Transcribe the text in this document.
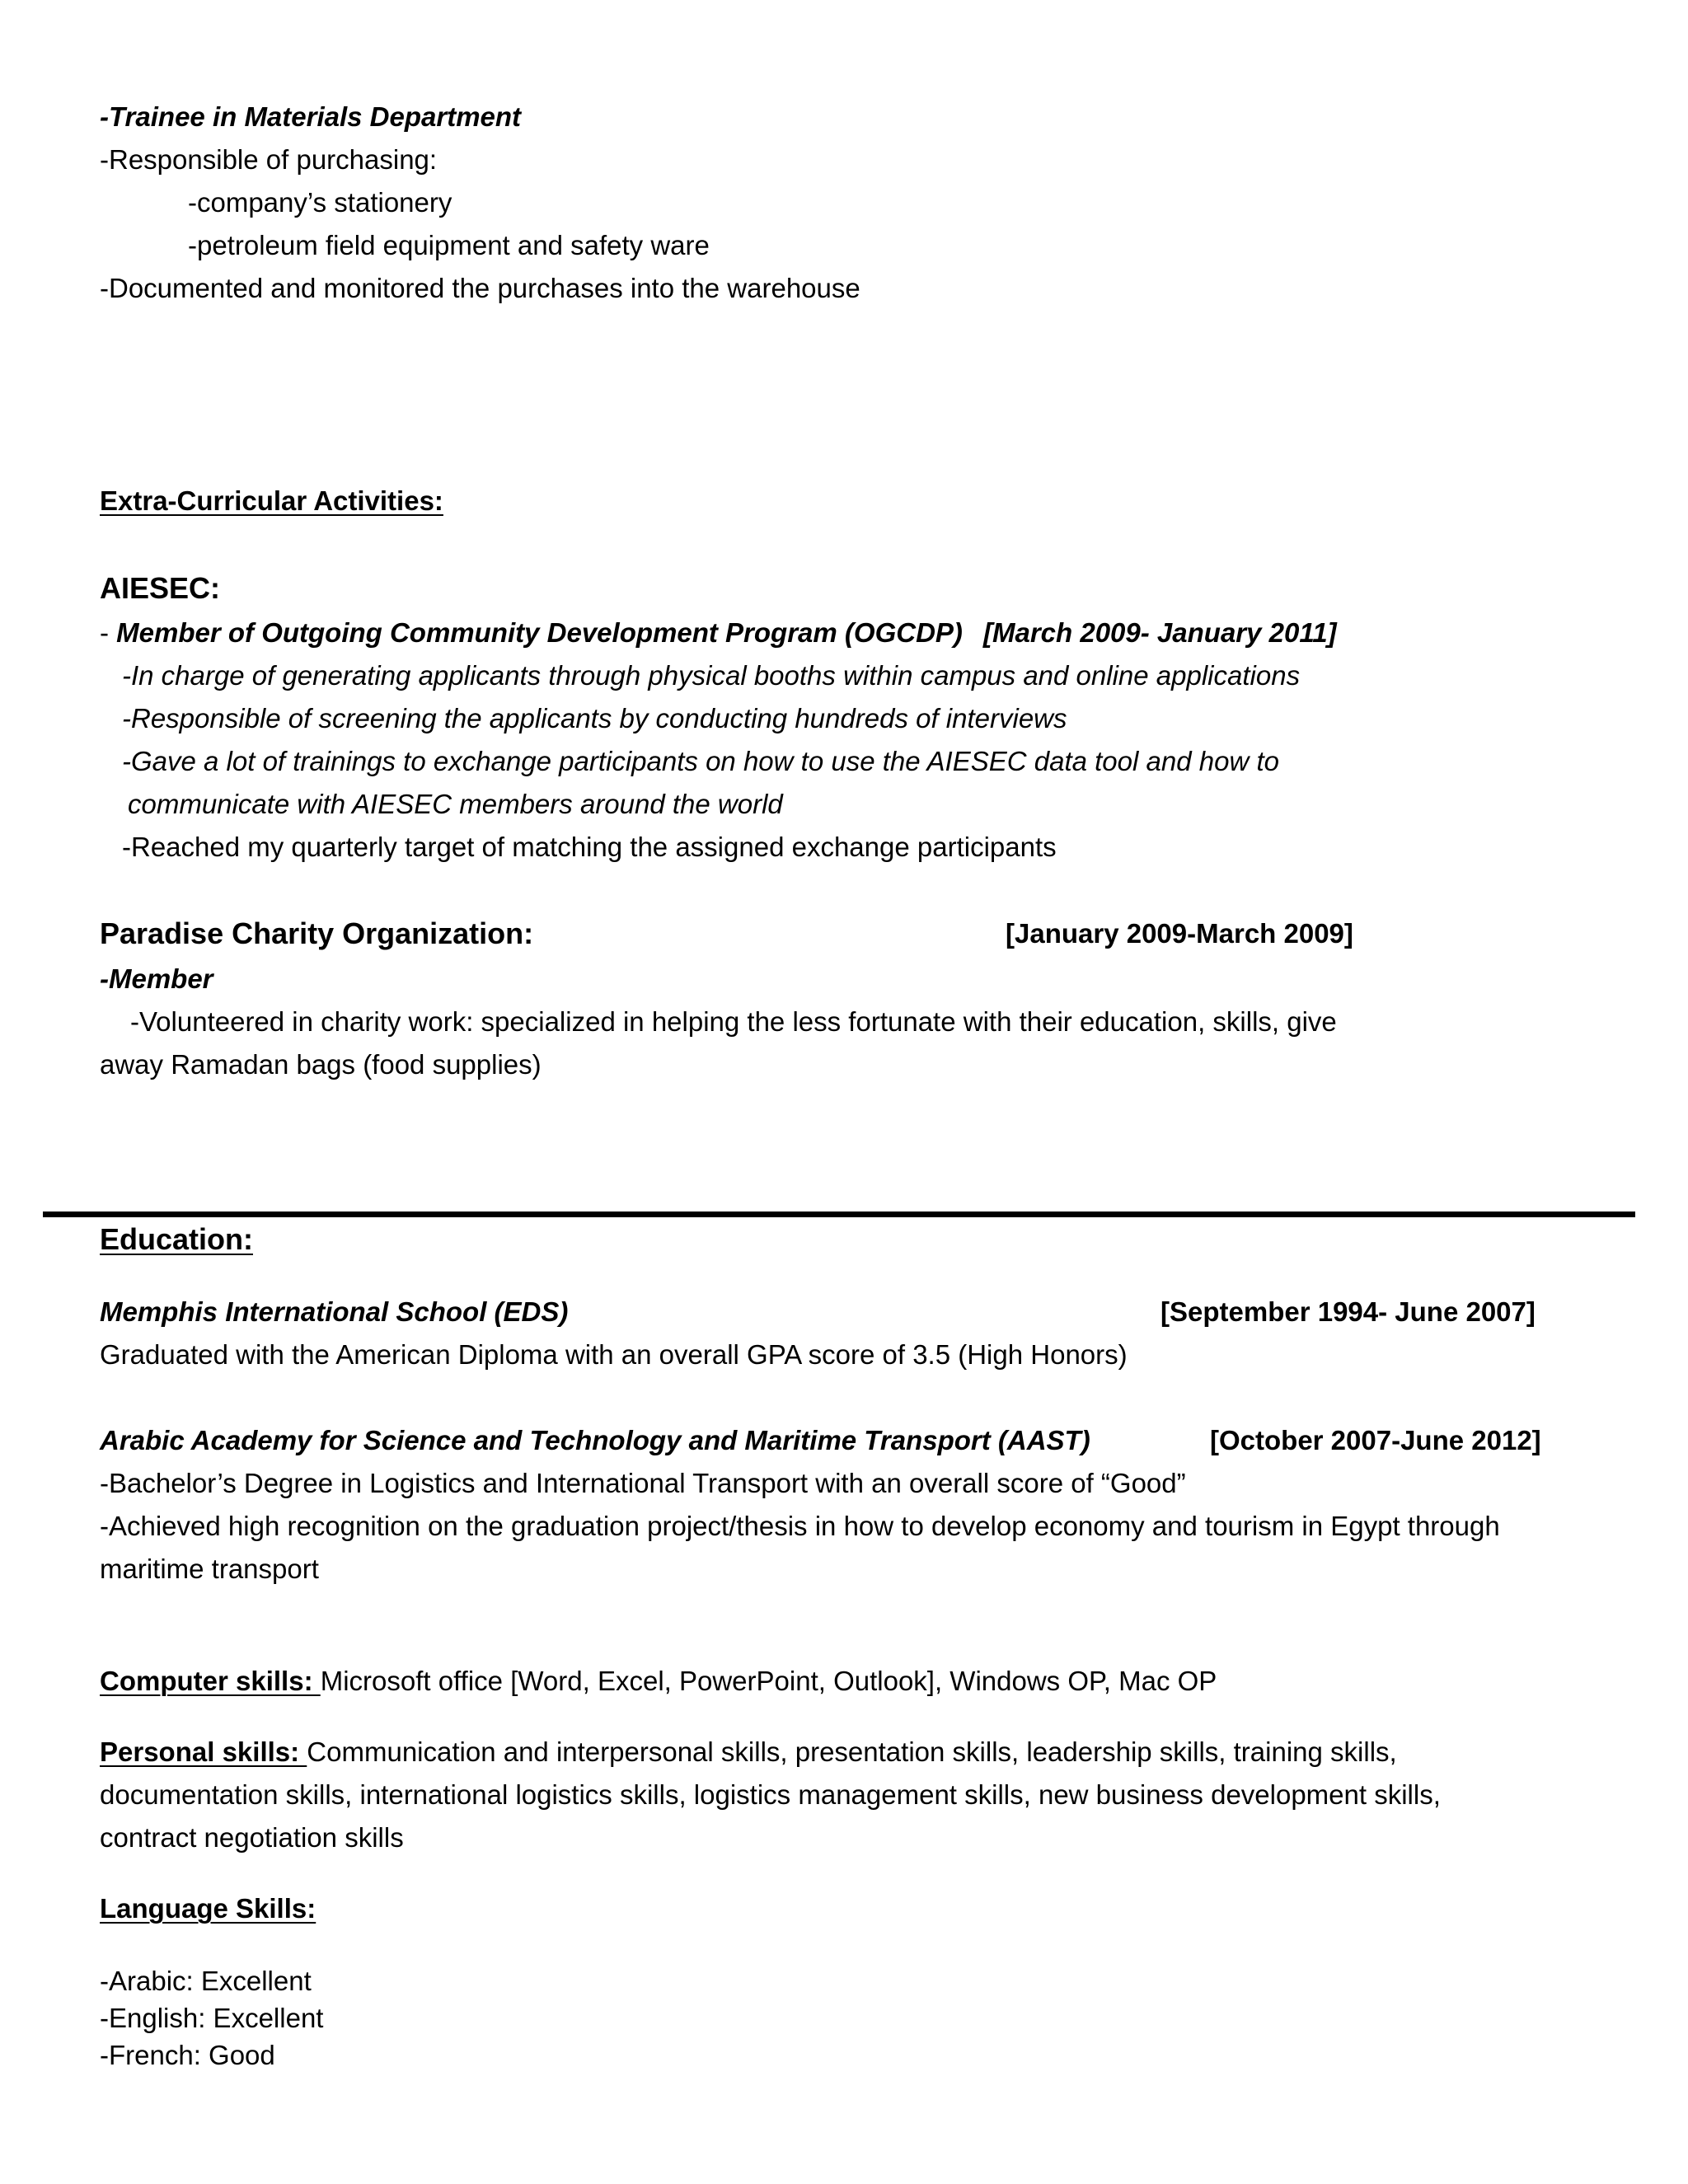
-Trainee in Materials Department
-Responsible of purchasing:
-company’s stationery
-petroleum field equipment and safety ware
-Documented and monitored the purchases into the warehouse
Extra-Curricular Activities:
AIESEC:
- Member of Outgoing Community Development Program (OGCDP) [March 2009- January 2011]
-In charge of generating applicants through physical booths within campus and online applications
-Responsible of screening the applicants by conducting hundreds of interviews
-Gave a lot of trainings to exchange participants on how to use the AIESEC data tool and how to
communicate with AIESEC members around the world
-Reached my quarterly target of matching the assigned exchange participants
Paradise Charity Organization:	[January 2009-March 2009]
-Member
-Volunteered in charity work: specialized in helping the less fortunate with their education, skills, give
away Ramadan bags (food supplies)
Education:
Memphis International School (EDS)	[September 1994- June 2007]
Graduated with the American Diploma with an overall GPA score of 3.5 (High Honors)
Arabic Academy for Science and Technology and Maritime Transport (AAST)	[October 2007-June 2012]
-Bachelor’s Degree in Logistics and International Transport with an overall score of “Good”
-Achieved high recognition on the graduation project/thesis in how to develop economy and tourism in Egypt through
maritime transport
Computer skills: Microsoft office [Word, Excel, PowerPoint, Outlook], Windows OP, Mac OP
Personal skills: Communication and interpersonal skills, presentation skills, leadership skills, training skills,
documentation skills, international logistics skills, logistics management skills, new business development skills,
contract negotiation skills
Language Skills:
-Arabic: Excellent
-English: Excellent
-French: Good
